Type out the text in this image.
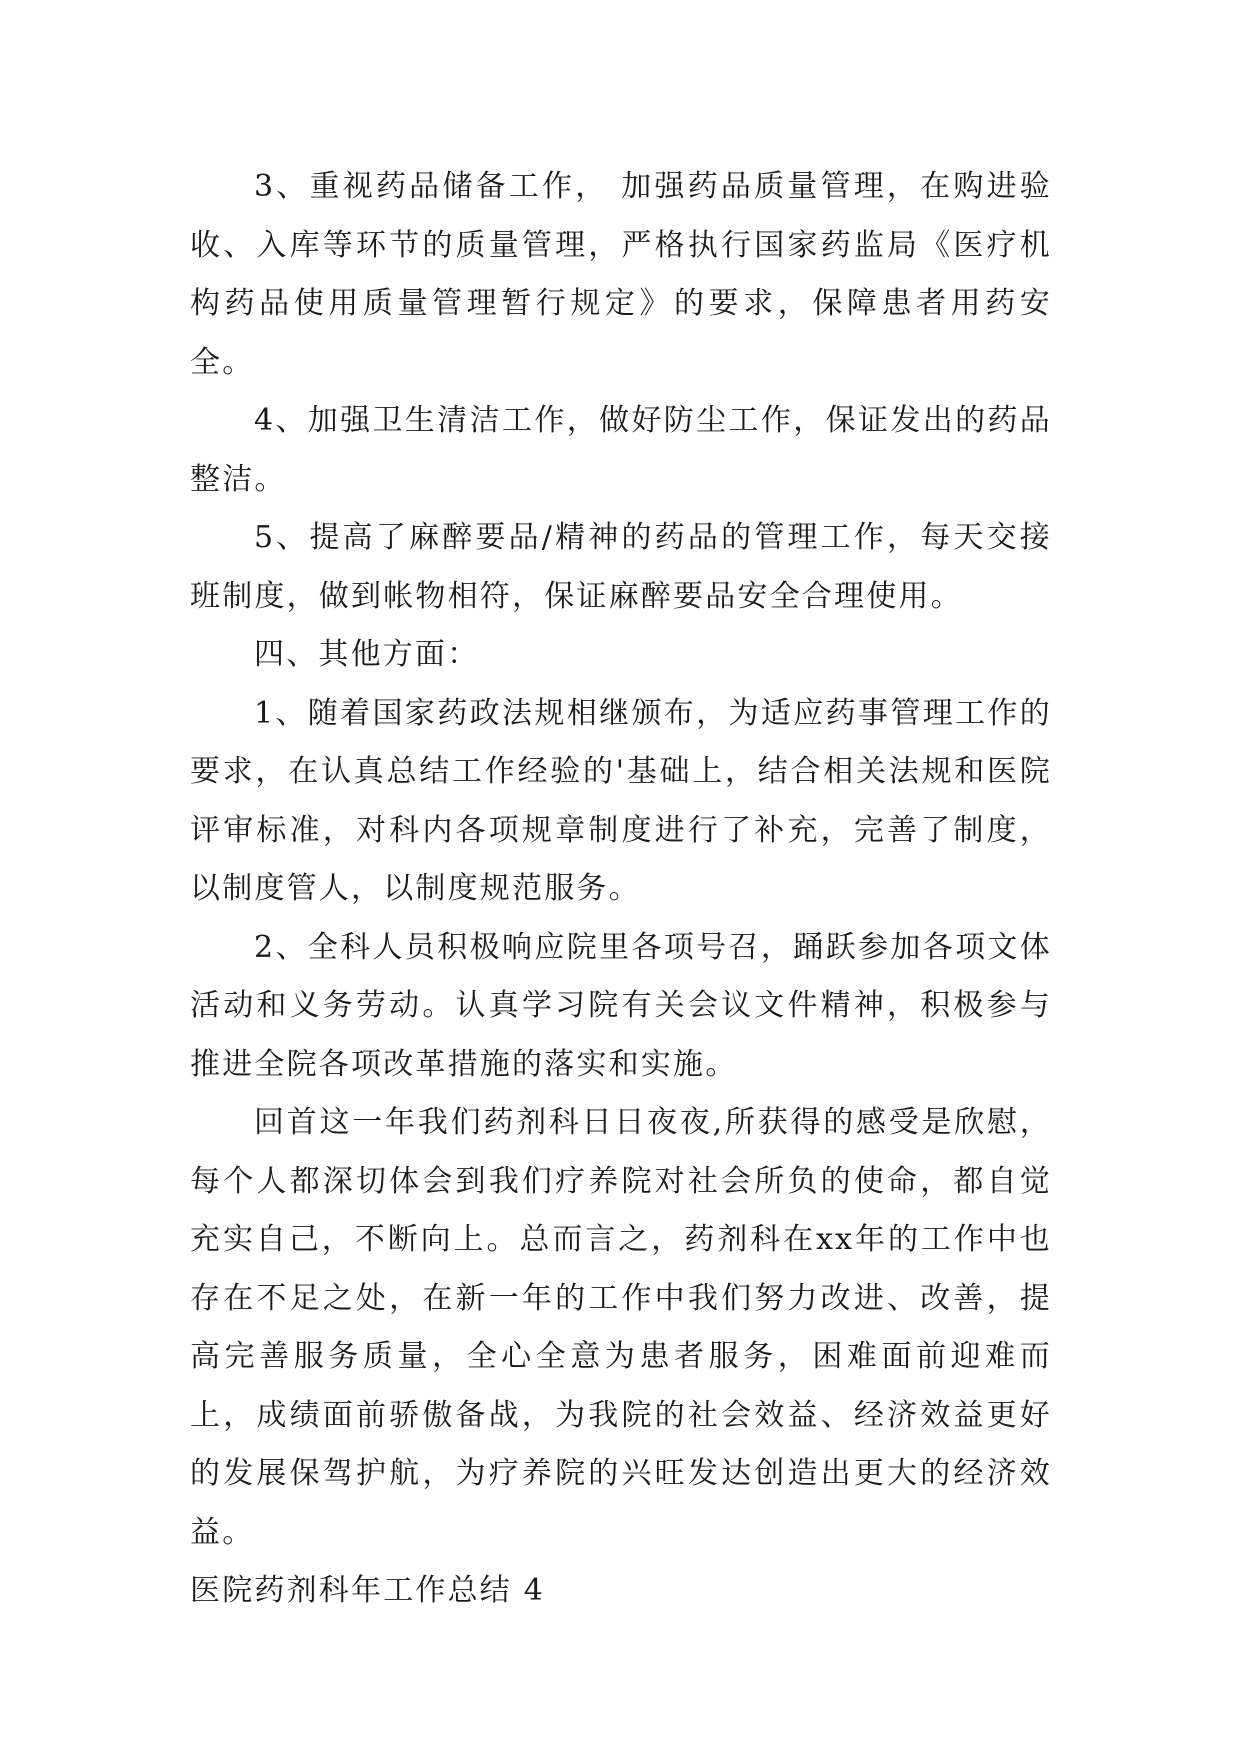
3、重视药品储备工作， 加强药品质量管理，在购进验收、入库等环节的质量管理，严格执行国家药监局《医疗机构药品使用质量管理暂行规定》的要求，保障患者用药安全。

4、加强卫生清洁工作，做好防尘工作，保证发出的药品整洁。

5、提高了麻醉要品/精神的药品的管理工作，每天交接班制度，做到帐物相符，保证麻醉要品安全合理使用。

四、其他方面：

1、随着国家药政法规相继颁布，为适应药事管理工作的要求，在认真总结工作经验的'基础上，结合相关法规和医院评审标准，对科内各项规章制度进行了补充，完善了制度，以制度管人，以制度规范服务。

2、全科人员积极响应院里各项号召，踊跃参加各项文体活动和义务劳动。认真学习院有关会议文件精神，积极参与推进全院各项改革措施的落实和实施。

回首这一年我们药剂科日日夜夜,所获得的感受是欣慰，每个人都深切体会到我们疗养院对社会所负的使命，都自觉充实自己，不断向上。总而言之，药剂科在xx年的工作中也存在不足之处，在新一年的工作中我们努力改进、改善，提高完善服务质量，全心全意为患者服务，困难面前迎难而上，成绩面前骄傲备战，为我院的社会效益、经济效益更好的发展保驾护航，为疗养院的兴旺发达创造出更大的经济效益。

医院药剂科年工作总结 4
